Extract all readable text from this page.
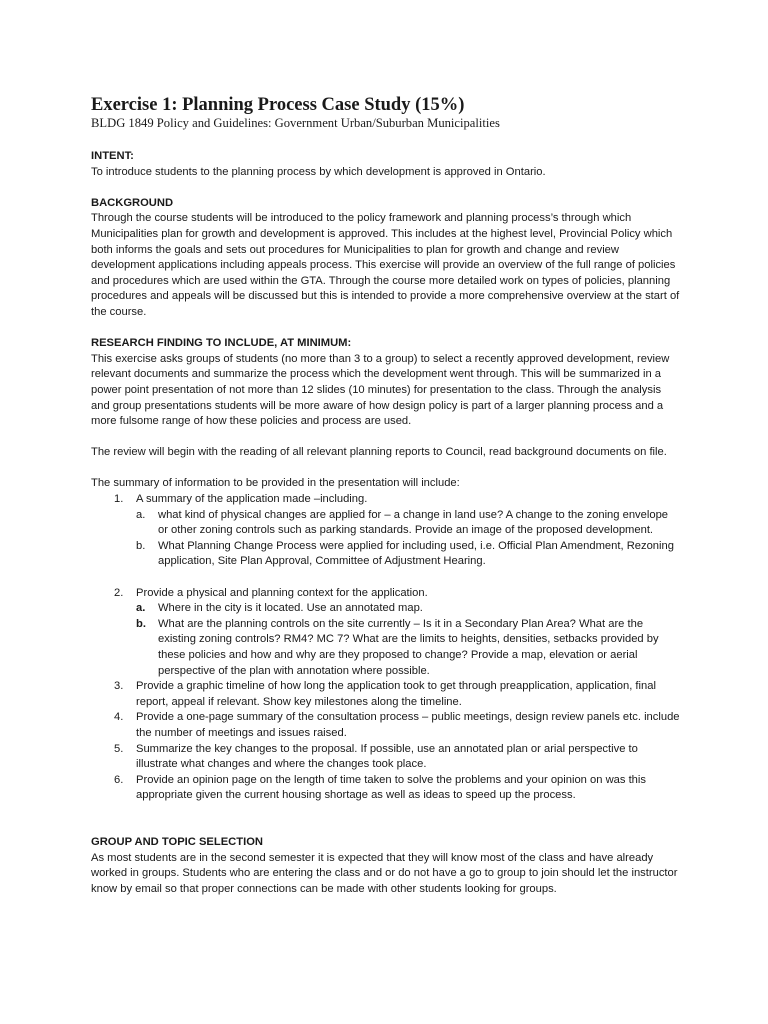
Exercise 1: Planning Process Case Study (15%)

BLDG 1849 Policy and Guidelines: Government Urban/Suburban Municipalities

INTENT:

To introduce students to the planning process by which development is approved in Ontario.

BACKGROUND

Through the course students will be introduced to the policy framework and planning process’s through which Municipalities plan for growth and development is approved. This includes at the highest level, Provincial Policy which both informs the goals and sets out procedures for Municipalities to plan for growth and change and review development applications including appeals process. This exercise will provide an overview of the full range of policies and procedures which are used within the GTA. Through the course more detailed work on types of policies, planning procedures and appeals will be discussed but this is intended to provide a more comprehensive overview at the start of the course.

RESEARCH FINDING TO INCLUDE, AT MINIMUM:

This exercise asks groups of students (no more than 3 to a group) to select a recently approved development, review relevant documents and summarize the process which the development went through. This will be summarized in a power point presentation of not more than 12 slides (10 minutes) for presentation to the class. Through the analysis and group presentations students will be more aware of how design policy is part of a larger planning process and a more fulsome range of how these policies and process are used.

The review will begin with the reading of all relevant planning reports to Council, read background documents on file.

The summary of information to be provided in the presentation will include:

1. A summary of the application made –including.
a. what kind of physical changes are applied for – a change in land use? A change to the zoning envelope or other zoning controls such as parking standards. Provide an image of the proposed development.
b. What Planning Change Process were applied for including used, i.e. Official Plan Amendment, Rezoning application, Site Plan Approval, Committee of Adjustment Hearing.
2. Provide a physical and planning context for the application.
a. Where in the city is it located. Use an annotated map.
b. What are the planning controls on the site currently – Is it in a Secondary Plan Area? What are the existing zoning controls? RM4? MC 7? What are the limits to heights, densities, setbacks provided by these policies and how and why are they proposed to change? Provide a map, elevation or aerial perspective of the plan with annotation where possible.
3. Provide a graphic timeline of how long the application took to get through preapplication, application, final report, appeal if relevant. Show key milestones along the timeline.
4. Provide a one-page summary of the consultation process – public meetings, design review panels etc. include the number of meetings and issues raised.
5. Summarize the key changes to the proposal. If possible, use an annotated plan or arial perspective to illustrate what changes and where the changes took place.
6. Provide an opinion page on the length of time taken to solve the problems and your opinion on was this appropriate given the current housing shortage as well as ideas to speed up the process.

GROUP AND TOPIC SELECTION

As most students are in the second semester it is expected that they will know most of the class and have already worked in groups. Students who are entering the class and or do not have a go to group to join should let the instructor know by email so that proper connections can be made with other students looking for groups.
